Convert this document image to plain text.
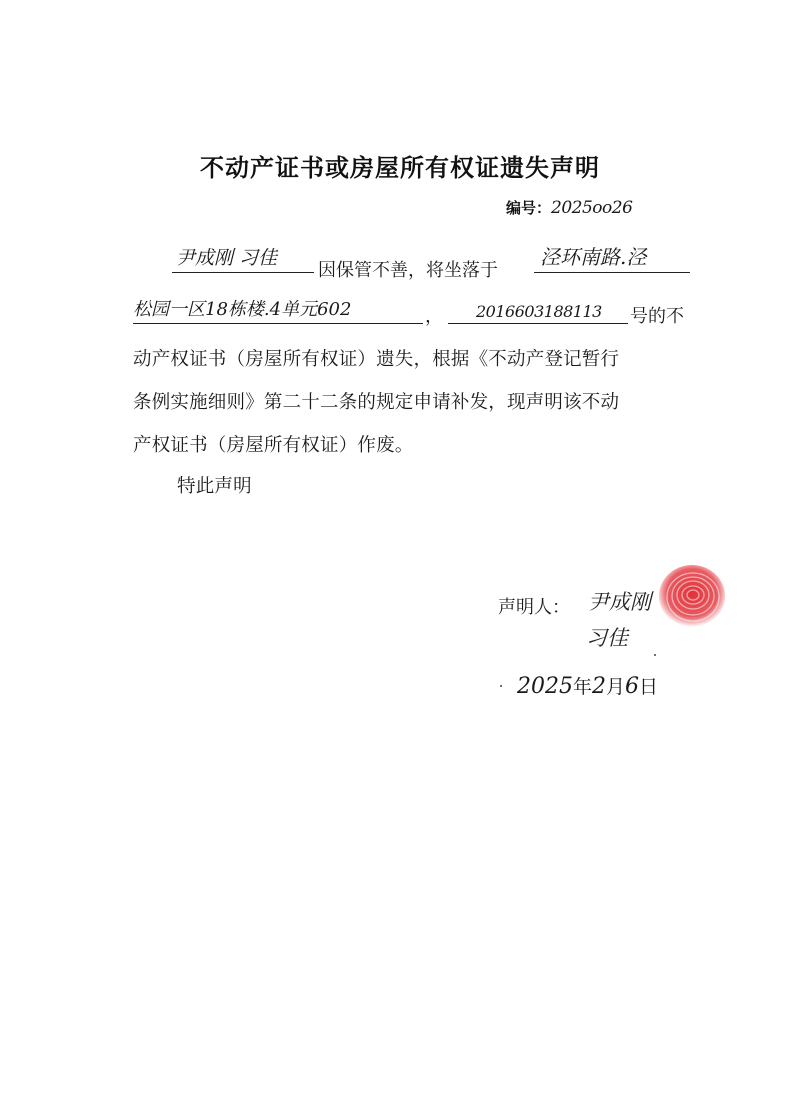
不动产证书或房屋所有权证遗失声明
编号：2025oo26
尹成刚 习佳
因保管不善，将坐落于
泾环南路.泾
松园一区18栋楼.4单元602	， 2016603188113 号的不
动产权证书（房屋所有权证）遗失，根据《不动产登记暂行
条例实施细则》第二十二条的规定申请补发，现声明该不动
产权证书（房屋所有权证）作废。
特此声明
声明人： 尹成刚
习佳
2025年2月6日
